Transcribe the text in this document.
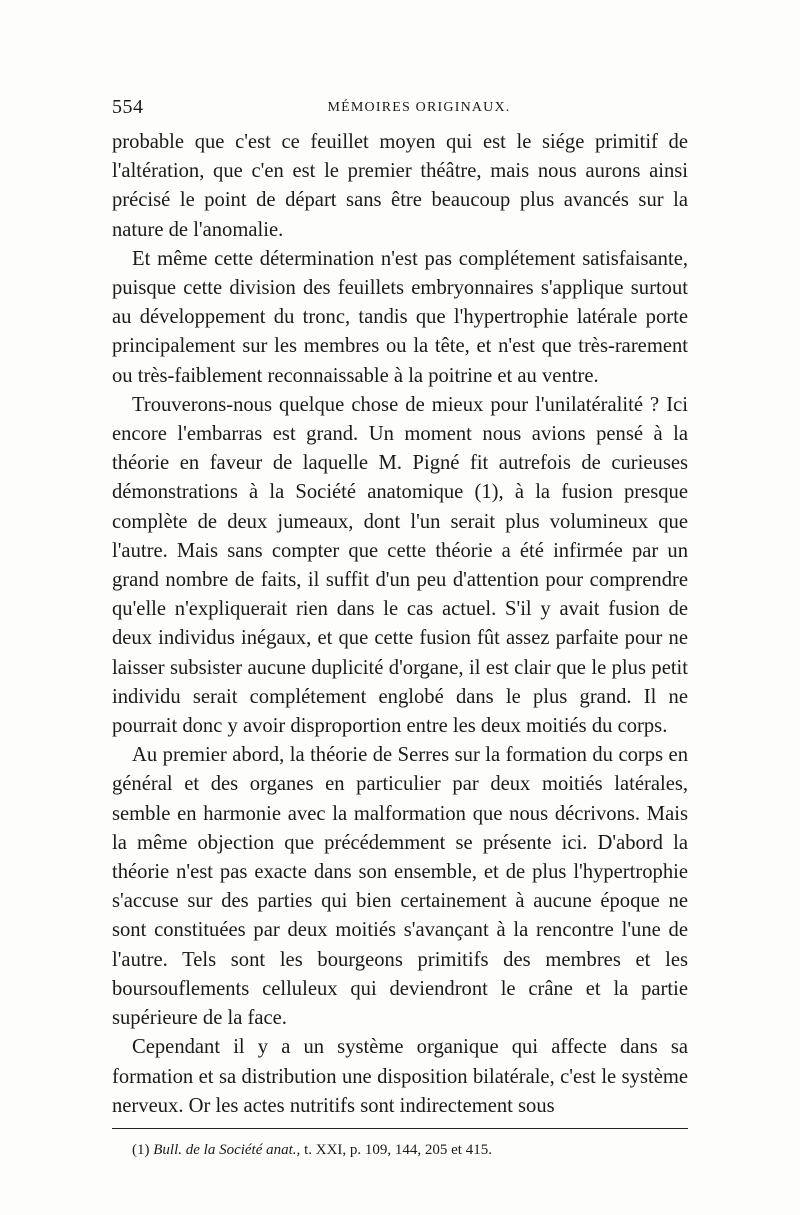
554	MÉMOIRES ORIGINAUX.

probable que c'est ce feuillet moyen qui est le siége primitif de l'altération, que c'en est le premier théâtre, mais nous aurons ainsi précisé le point de départ sans être beaucoup plus avancés sur la nature de l'anomalie.

Et même cette détermination n'est pas complétement satisfaisante, puisque cette division des feuillets embryonnaires s'applique surtout au développement du tronc, tandis que l'hypertrophie latérale porte principalement sur les membres ou la tête, et n'est que très-rarement ou très-faiblement reconnaissable à la poitrine et au ventre.

Trouverons-nous quelque chose de mieux pour l'unilatéralité ? Ici encore l'embarras est grand. Un moment nous avions pensé à la théorie en faveur de laquelle M. Pigné fit autrefois de curieuses démonstrations à la Société anatomique (1), à la fusion presque complète de deux jumeaux, dont l'un serait plus volumineux que l'autre. Mais sans compter que cette théorie a été infirmée par un grand nombre de faits, il suffit d'un peu d'attention pour comprendre qu'elle n'expliquerait rien dans le cas actuel. S'il y avait fusion de deux individus inégaux, et que cette fusion fût assez parfaite pour ne laisser subsister aucune duplicité d'organe, il est clair que le plus petit individu serait complétement englobé dans le plus grand. Il ne pourrait donc y avoir disproportion entre les deux moitiés du corps.

Au premier abord, la théorie de Serres sur la formation du corps en général et des organes en particulier par deux moitiés latérales, semble en harmonie avec la malformation que nous décrivons. Mais la même objection que précédemment se présente ici. D'abord la théorie n'est pas exacte dans son ensemble, et de plus l'hypertrophie s'accuse sur des parties qui bien certainement à aucune époque ne sont constituées par deux moitiés s'avançant à la rencontre l'une de l'autre. Tels sont les bourgeons primitifs des membres et les boursouflements celluleux qui deviendront le crâne et la partie supérieure de la face.

Cependant il y a un système organique qui affecte dans sa formation et sa distribution une disposition bilatérale, c'est le système nerveux. Or les actes nutritifs sont indirectement sous

(1) Bull. de la Société anat., t. XXI, p. 109, 144, 205 et 415.
